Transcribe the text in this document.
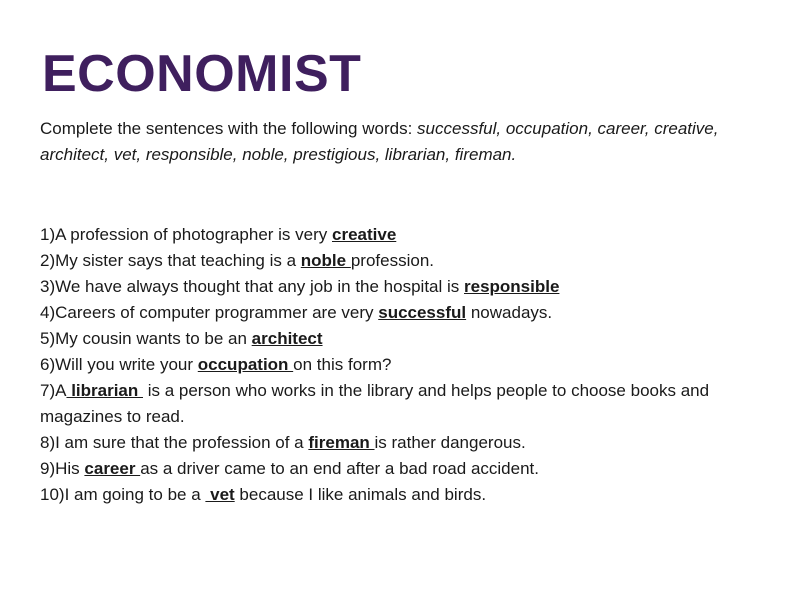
ECONOMIST

Complete the sentences with the following words: successful, occupation, career, creative, architect, vet, responsible, noble, prestigious, librarian, fireman.

1)A profession of photographer is very creative
2)My sister says that teaching is a noble profession.
3)We have always thought that any job in the hospital is responsible
4)Careers of computer programmer are very successful nowadays.
5)My cousin wants to be an architect
6)Will you write your occupation on this form?
7)A librarian  is a person who works in the library and helps people to choose books and magazines to read.
8)I am sure that the profession of a fireman is rather dangerous.
9)His career as a driver came to an end after a bad road accident.
10)I am going to be a  vet because I like animals and birds.
